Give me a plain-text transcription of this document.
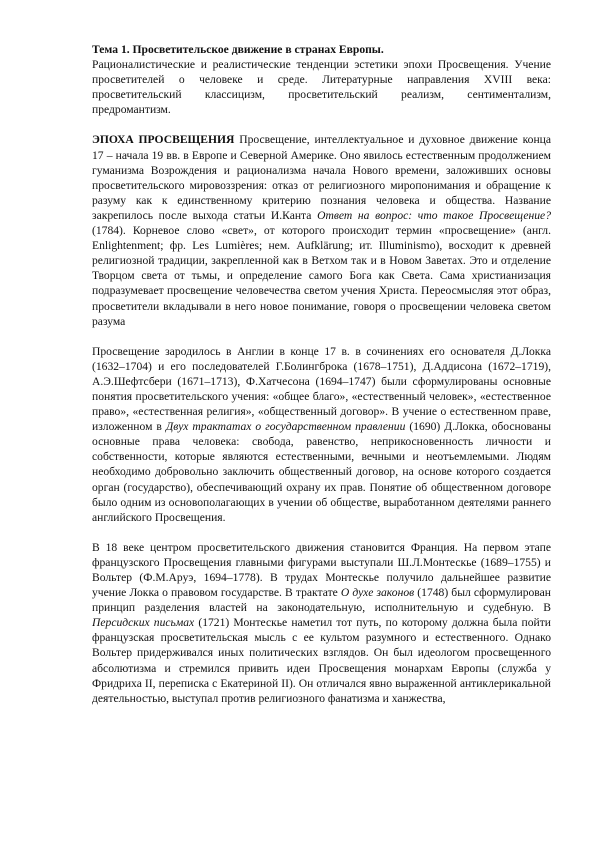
Тема 1. Просветительское движение в странах Европы.

Рационалистические и реалистические тенденции эстетики эпохи Просвещения. Учение просветителей о человеке и среде. Литературные направления XVIII века: просветительский классицизм, просветительский реализм, сентиментализм, предромантизм.

ЭПОХА ПРОСВЕЩЕНИЯ Просвещение, интеллектуальное и духовное движение конца 17 – начала 19 вв. в Европе и Северной Америке. Оно явилось естественным продолжением гуманизма Возрождения и рационализма начала Нового времени, заложивших основы просветительского мировоззрения: отказ от религиозного миропонимания и обращение к разуму как к единственному критерию познания человека и общества. Название закрепилось после выхода статьи И.Канта Ответ на вопрос: что такое Просвещение? (1784). Корневое слово «свет», от которого происходит термин «просвещение» (англ. Enlightenment; фр. Les Lumières; нем. Aufklärung; ит. Illuminismo), восходит к древней религиозной традиции, закрепленной как в Ветхом так и в Новом Заветах. Это и отделение Творцом света от тьмы, и определение самого Бога как Света. Сама христианизация подразумевает просвещение человечества светом учения Христа. Переосмысляя этот образ, просветители вкладывали в него новое понимание, говоря о просвещении человека светом разума

Просвещение зародилось в Англии в конце 17 в. в сочинениях его основателя Д.Локка (1632–1704) и его последователей Г.Болингброка (1678–1751), Д.Аддисона (1672–1719), А.Э.Шефтсбери (1671–1713), Ф.Хатчесона (1694–1747) были сформулированы основные понятия просветительского учения: «общее благо», «естественный человек», «естественное право», «естественная религия», «общественный договор». В учение о естественном праве, изложенном в Двух трактатах о государственном правлении (1690) Д.Локка, обоснованы основные права человека: свобода, равенство, неприкосновенность личности и собственности, которые являются естественными, вечными и неотъемлемыми. Людям необходимо добровольно заключить общественный договор, на основе которого создается орган (государство), обеспечивающий охрану их прав. Понятие об общественном договоре было одним из основополагающих в учении об обществе, выработанном деятелями раннего английского Просвещения.

В 18 веке центром просветительского движения становится Франция. На первом этапе французского Просвещения главными фигурами выступали Ш.Л.Монтескье (1689–1755) и Вольтер (Ф.М.Аруэ, 1694–1778). В трудах Монтескье получило дальнейшее развитие учение Локка о правовом государстве. В трактате О духе законов (1748) был сформулирован принцип разделения властей на законодательную, исполнительную и судебную. В Персидских письмах (1721) Монтескье наметил тот путь, по которому должна была пойти французская просветительская мысль с ее культом разумного и естественного. Однако Вольтер придерживался иных политических взглядов. Он был идеологом просвещенного абсолютизма и стремился привить идеи Просвещения монархам Европы (служба у Фридриха II, переписка с Екатериной II). Он отличался явно выраженной антиклерикальной деятельностью, выступал против религиозного фанатизма и ханжества,
